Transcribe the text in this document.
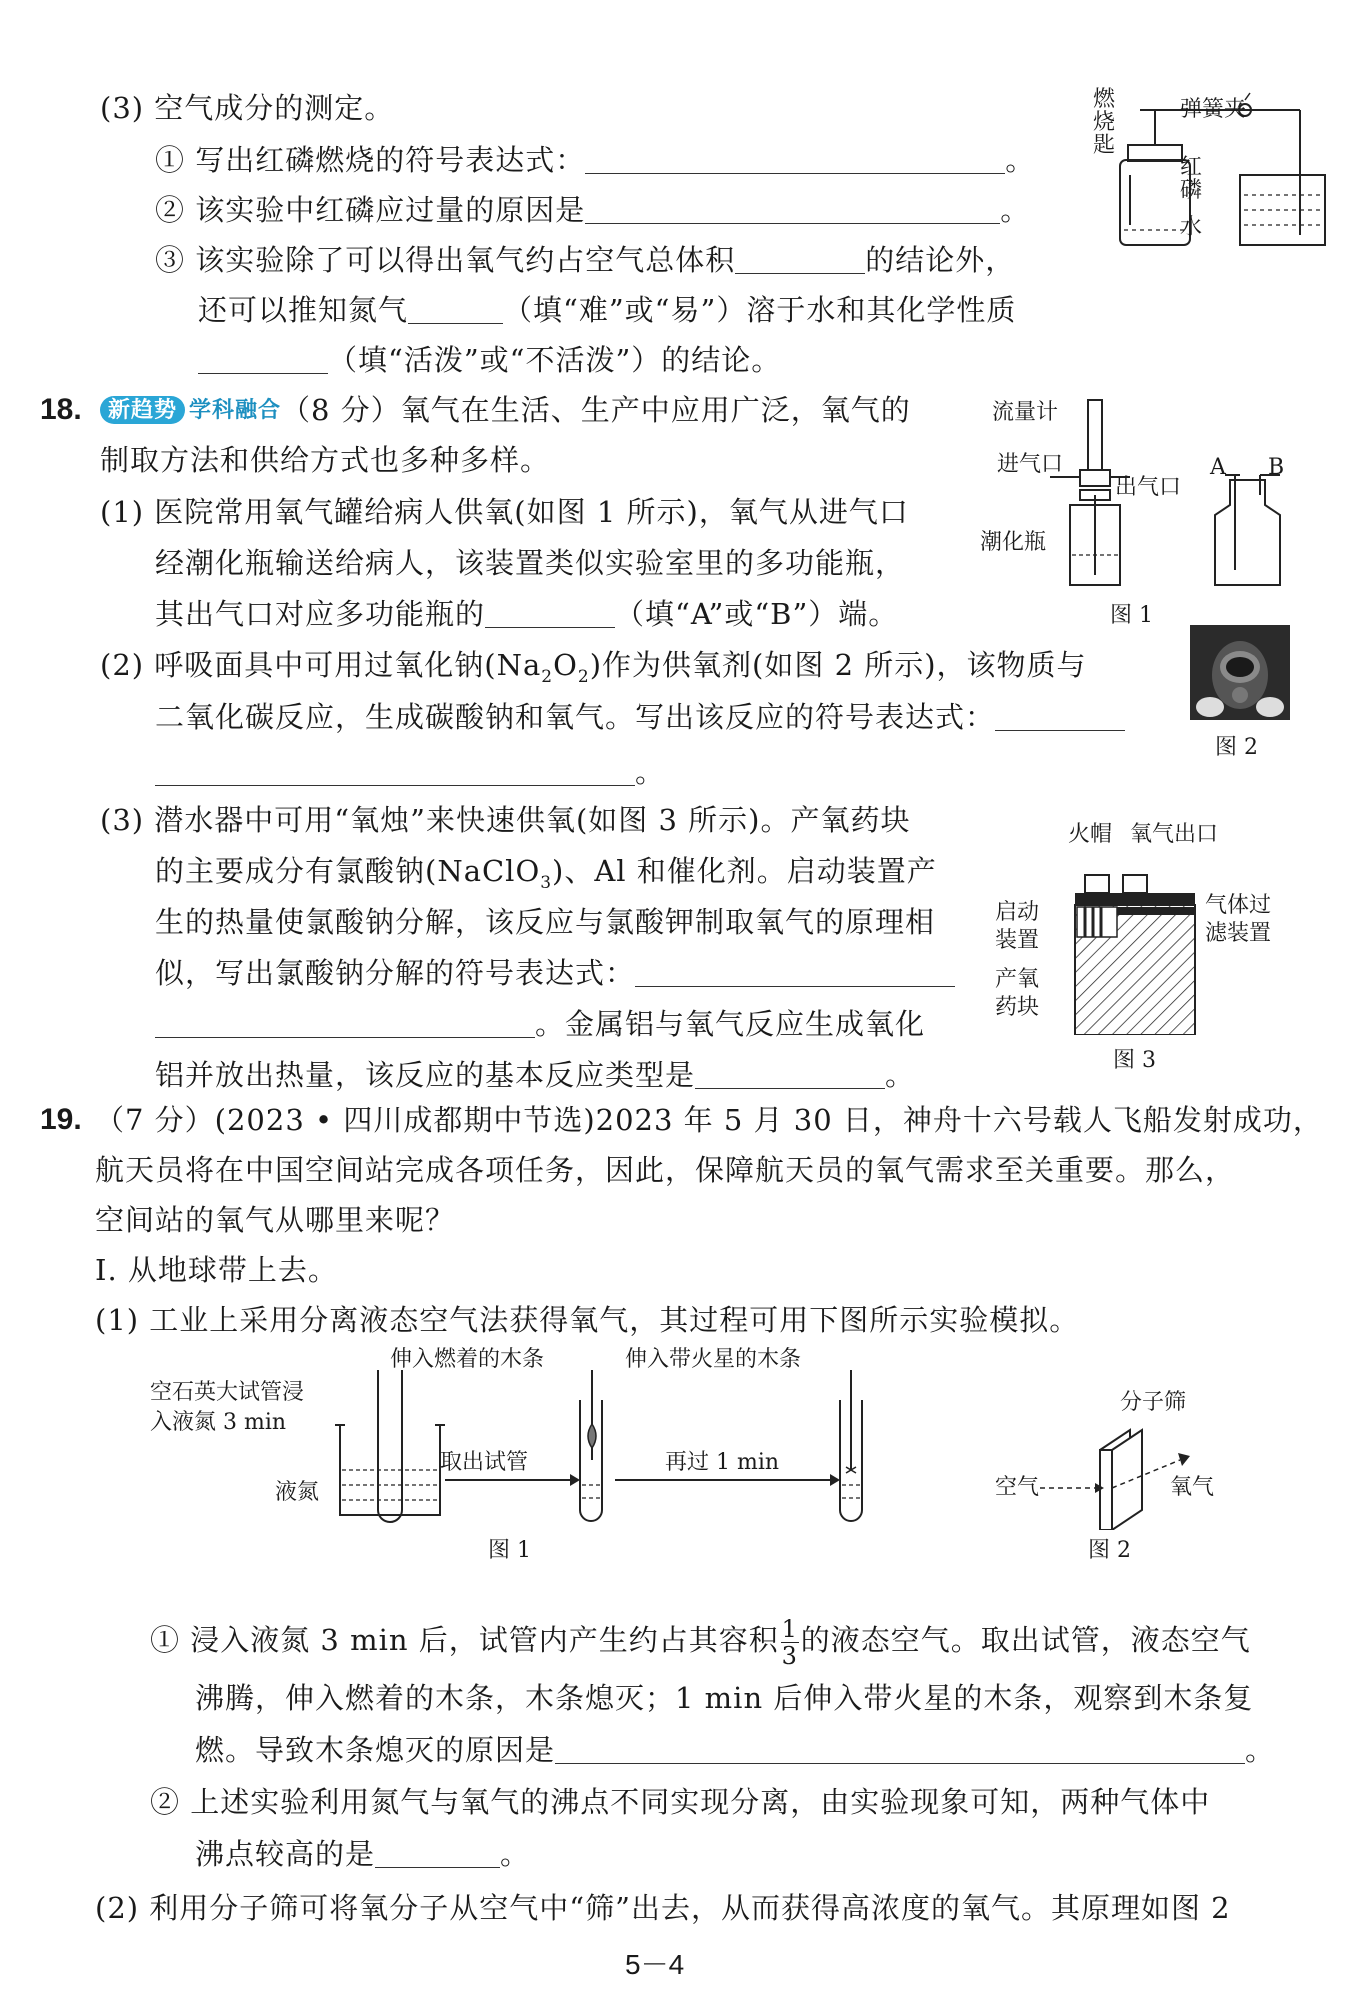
(3) 空气成分的测定。
① 写出红磷燃烧的符号表达式：	。
② 该实验中红磷应过量的原因是	。
③ 该实验除了可以得出氧气约占空气总体积	的结论外，
还可以推知氮气	（填“难”或“易”）溶于水和其化学性质
（填“活泼”或“不活泼”）的结论。
燃
烧
匙
弹簧夹
红
磷
水
18.	新趋势 学科融合（8 分）氧气在生活、生产中应用广泛，氧气的
制取方法和供给方式也多种多样。
(1) 医院常用氧气罐给病人供氧(如图 1 所示)，氧气从进气口
经潮化瓶输送给病人，该装置类似实验室里的多功能瓶，
其出气口对应多功能瓶的	（填“A”或“B”）端。
(2) 呼吸面具中可用过氧化钠$(Na_2O_2)$作为供氧剂(如图 2 所示)，该物质与
二氧化碳反应，生成碳酸钠和氧气。写出该反应的符号表达式：
。
(3) 潜水器中可用“氧烛”来快速供氧(如图 3 所示)。产氧药块
的主要成分有氯酸钠(NaClO$_3$)、Al 和催化剂。启动装置产
生的热量使氯酸钠分解，该反应与氯酸钾制取氧气的原理相
似，写出氯酸钠分解的符号表达式：
。金属铝与氧气反应生成氧化
铝并放出热量，该反应的基本反应类型是	。
流量计
进气口
出气口
潮化瓶
A B
图 1
图 2
火帽 氧气出口
启动
装置
气体过
滤装置
产氧
药块
图 3
19. （7 分）(2023 • 四川成都期中节选)2023 年 5 月 30 日，神舟十六号载人飞船发射成功，
航天员将在中国空间站完成各项任务，因此，保障航天员的氧气需求至关重要。那么，
空间站的氧气从哪里来呢？
Ⅰ. 从地球带上去。
(1) 工业上采用分离液态空气法获得氧气，其过程可用下图所示实验模拟。
空石英大试管浸
入液氮 3 min
液氮
伸入燃着的木条	伸入带火星的木条
取出试管	再过 1 min
图 1
分子筛
空气	氧气
图 2
① 浸入液氮 3 min 后，试管内产生约占其容积 $\frac{1}{3}$ 的液态空气。取出试管，液态空气
沸腾，伸入燃着的木条，木条熄灭；1 min 后伸入带火星的木条，观察到木条复
燃。导致木条熄灭的原因是	。
② 上述实验利用氮气与氧气的沸点不同实现分离，由实验现象可知，两种气体中
沸点较高的是	。
(2) 利用分子筛可将氧分子从空气中“筛”出去，从而获得高浓度的氧气。其原理如图 2
5－4
